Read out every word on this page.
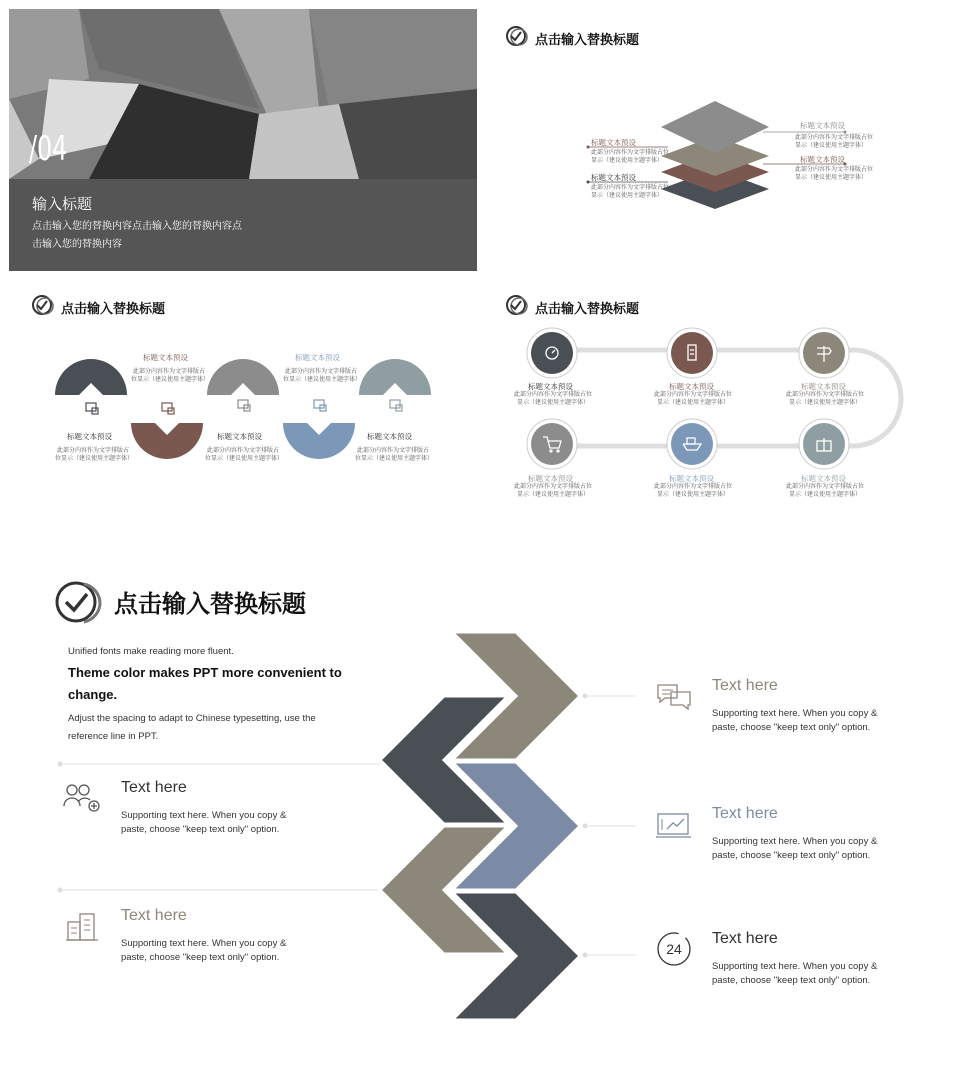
/04
输入标题
点击输入您的替换内容点击输入您的替换内容点击输入您的替换内容
点击输入替换标题
标题文本预设
此部分内容作为文字排版占位显示（建议使用主题字体）
标题文本预设
此部分内容作为文字排版占位显示（建议使用主题字体）
标题文本预设
此部分内容作为文字排版占位显示（建议使用主题字体）
标题文本预设
此部分内容作为文字排版占位显示（建议使用主题字体）
点击输入替换标题
标题文本预设
此部分内容作为文字排版占位显示（建议使用主题字体）
标题文本预设
此部分内容作为文字排版占位显示（建议使用主题字体）
标题文本预设
此部分内容作为文字排版占位显示（建议使用主题字体）
标题文本预设
此部分内容作为文字排版占位显示（建议使用主题字体）
标题文本预设
此部分内容作为文字排版占位显示（建议使用主题字体）
点击输入替换标题
标题文本预设
此部分内容作为文字排版占位显示（建议使用主题字体）
标题文本预设
此部分内容作为文字排版占位显示（建议使用主题字体）
标题文本预设
此部分内容作为文字排版占位显示（建议使用主题字体）
标题文本预设
此部分内容作为文字排版占位显示（建议使用主题字体）
标题文本预设
此部分内容作为文字排版占位显示（建议使用主题字体）
标题文本预设
此部分内容作为文字排版占位显示（建议使用主题字体）
点击输入替换标题
Unified fonts make reading more fluent.
Theme color makes PPT more convenient to change.
Adjust the spacing to adapt to Chinese typesetting, use the reference line in PPT.
Text here
Supporting text here. When you copy & paste, choose "keep text only" option.
Text here
Supporting text here. When you copy & paste, choose "keep text only" option.
Text here
Supporting text here. When you copy & paste, choose "keep text only" option.
Text here
Supporting text here. When you copy & paste, choose "keep text only" option.
24
Text here
Supporting text here. When you copy & paste, choose "keep text only" option.
